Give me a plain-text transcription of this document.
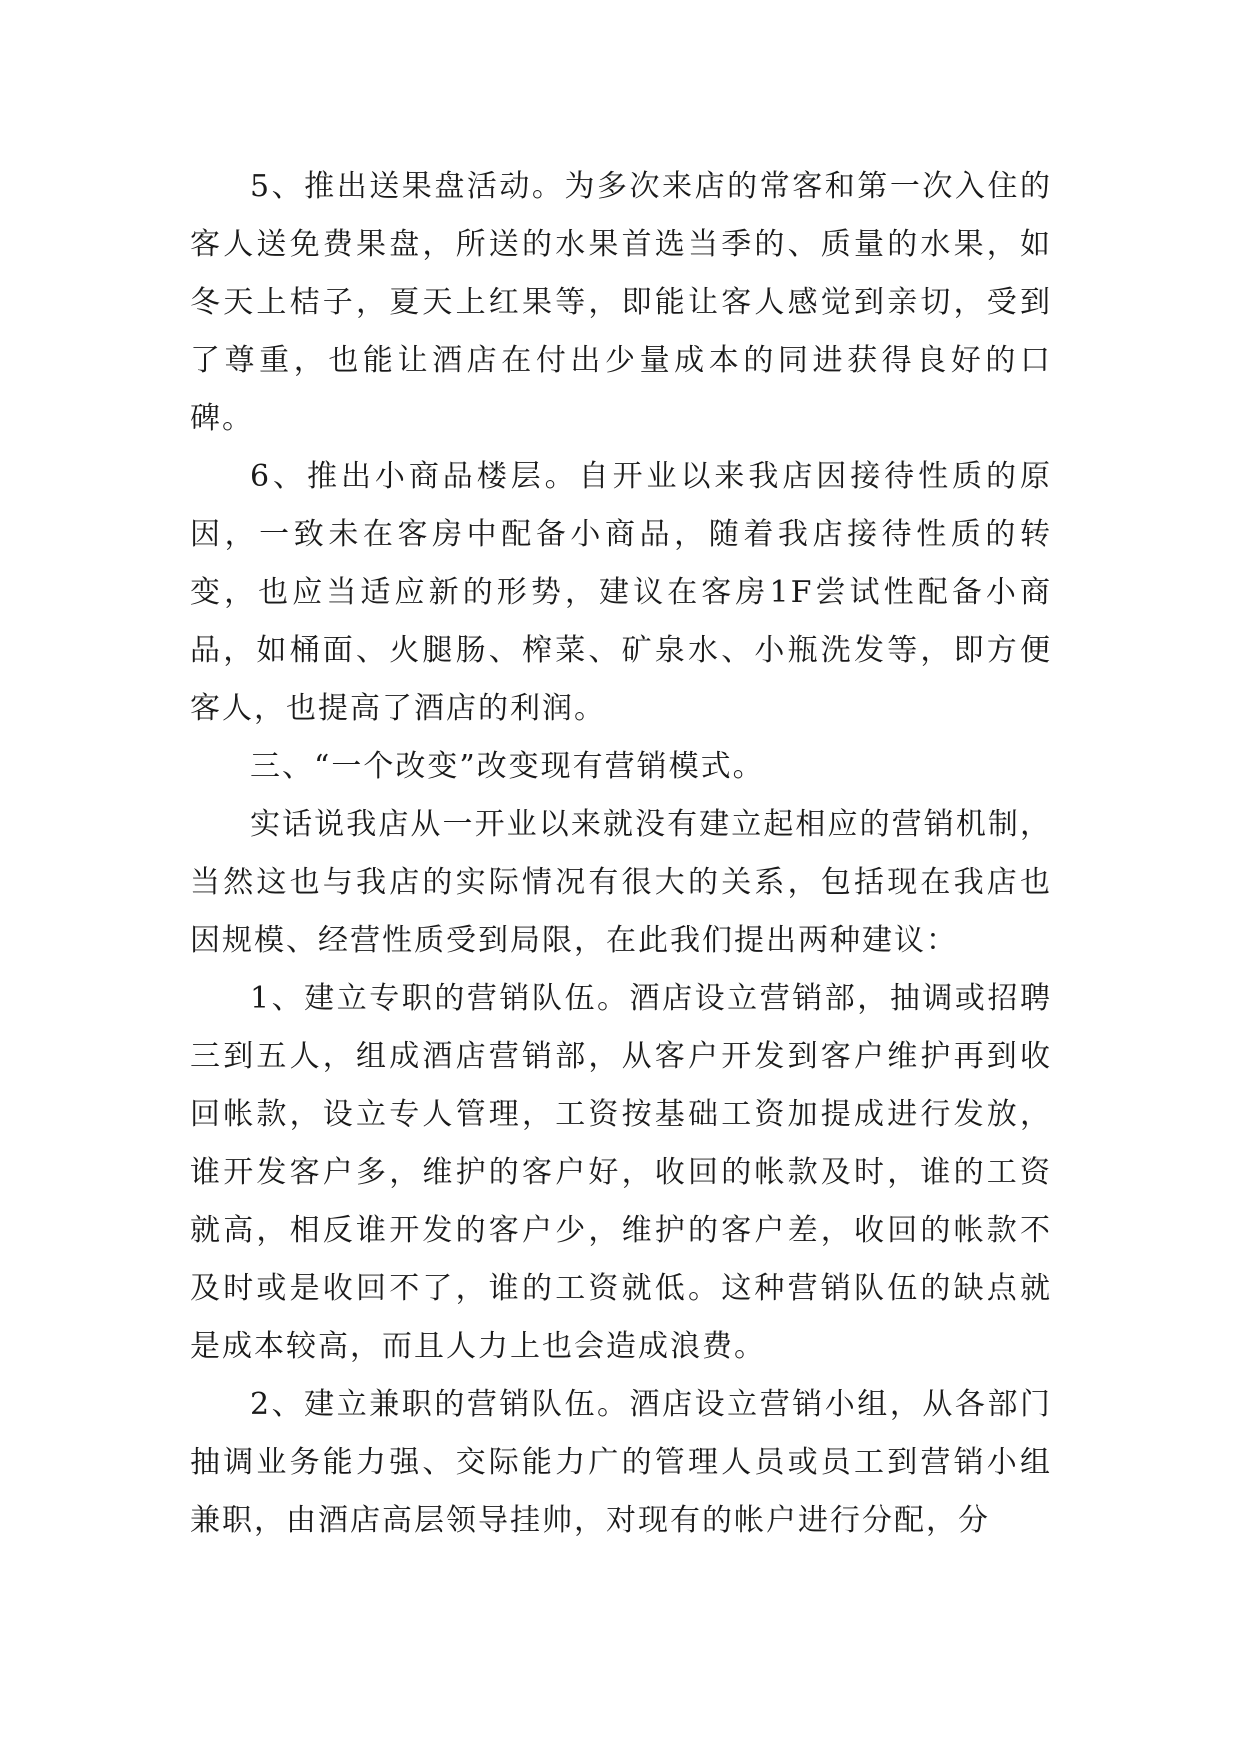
5、推出送果盘活动。为多次来店的常客和第一次入住的客人送免费果盘，所送的水果首选当季的、质量的水果，如冬天上桔子，夏天上红果等，即能让客人感觉到亲切，受到了尊重，也能让酒店在付出少量成本的同进获得良好的口碑。

6、推出小商品楼层。自开业以来我店因接待性质的原因，一致未在客房中配备小商品，随着我店接待性质的转变，也应当适应新的形势，建议在客房1F尝试性配备小商品，如桶面、火腿肠、榨菜、矿泉水、小瓶洗发等，即方便客人，也提高了酒店的利润。

三、“一个改变”改变现有营销模式。

实话说我店从一开业以来就没有建立起相应的营销机制，当然这也与我店的实际情况有很大的关系，包括现在我店也因规模、经营性质受到局限，在此我们提出两种建议：

1、建立专职的营销队伍。酒店设立营销部，抽调或招聘三到五人，组成酒店营销部，从客户开发到客户维护再到收回帐款，设立专人管理，工资按基础工资加提成进行发放，谁开发客户多，维护的客户好，收回的帐款及时，谁的工资就高，相反谁开发的客户少，维护的客户差，收回的帐款不及时或是收回不了，谁的工资就低。这种营销队伍的缺点就是成本较高，而且人力上也会造成浪费。

2、建立兼职的营销队伍。酒店设立营销小组，从各部门抽调业务能力强、交际能力广的管理人员或员工到营销小组兼职，由酒店高层领导挂帅，对现有的帐户进行分配，分
